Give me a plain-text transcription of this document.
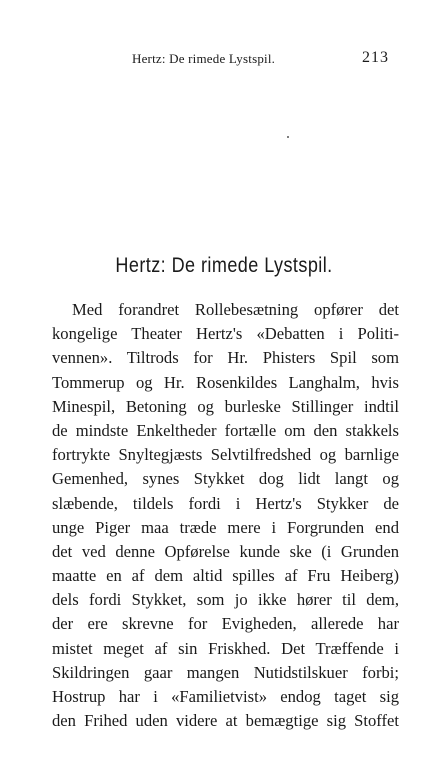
Hertz: De rimede Lystspil.	213
Hertz: De rimede Lystspil.
Med forandret Rollebesætning opfører det
kongelige Theater Hertz's «Debatten i Politi-
vennen». Tiltrods for Hr. Phisters Spil som
Tommerup og Hr. Rosenkildes Langhalm, hvis
Minespil, Betoning og burleske Stillinger indtil
de mindste Enkeltheder fortælle om den stakkels
fortrykte Snyltegjæsts Selvtilfredshed og barnlige
Gemenhed, synes Stykket dog lidt langt og
slæbende, tildels fordi i Hertz's Stykker de
unge Piger maa træde mere i Forgrunden end
det ved denne Opførelse kunde ske (i Grunden
maatte en af dem altid spilles af Fru Heiberg)
dels fordi Stykket, som jo ikke hører til dem,
der ere skrevne for Evigheden, allerede har
mistet meget af sin Friskhed. Det Træffende i
Skildringen gaar mangen Nutidstilskuer forbi;
Hostrup har i «Familietvist» endog taget sig
den Frihed uden videre at bemægtige sig Stoffet
